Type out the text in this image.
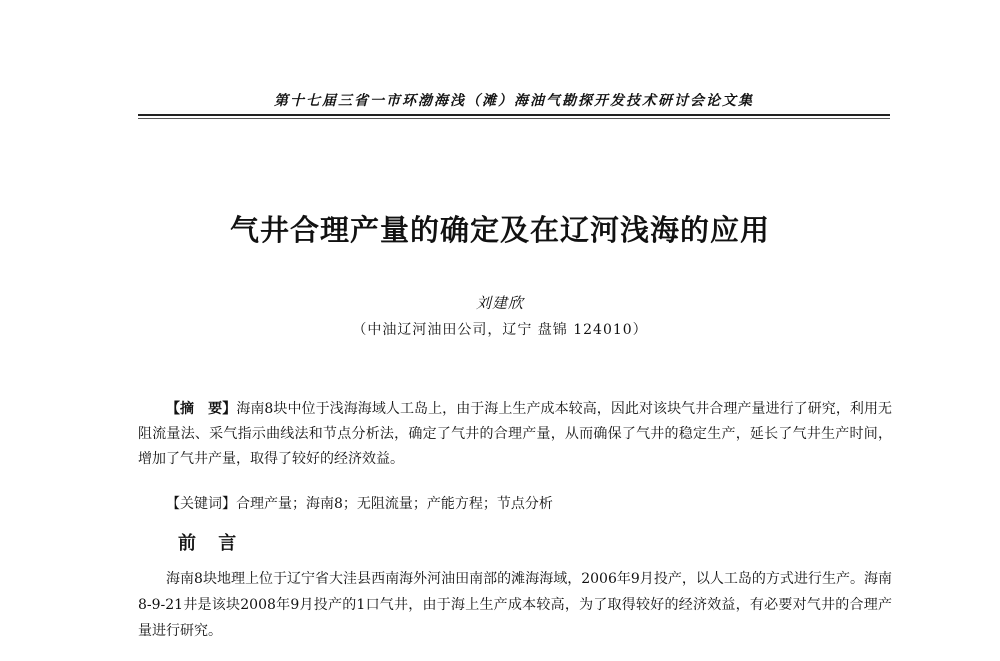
第十七届三省一市环渤海浅（滩）海油气勘探开发技术研讨会论文集
气井合理产量的确定及在辽河浅海的应用
刘建欣
（中油辽河油田公司，辽宁 盘锦 124010）

【摘　要】海南8块中位于浅海海域人工岛上，由于海上生产成本较高，因此对该块气井合理产量进行了研究，利用无阻流量法、采气指示曲线法和节点分析法，确定了气井的合理产量，从而确保了气井的稳定生产，延长了气井生产时间，增加了气井产量，取得了较好的经济效益。

【关键词】合理产量；海南8；无阻流量；产能方程；节点分析

前 言

海南8块地理上位于辽宁省大洼县西南海外河油田南部的滩海海域，2006年9月投产，以人工岛的方式进行生产。海南8-9-21井是该块2008年9月投产的1口气井，由于海上生产成本较高，为了取得较好的经济效益，有必要对气井的合理产量进行研究。
